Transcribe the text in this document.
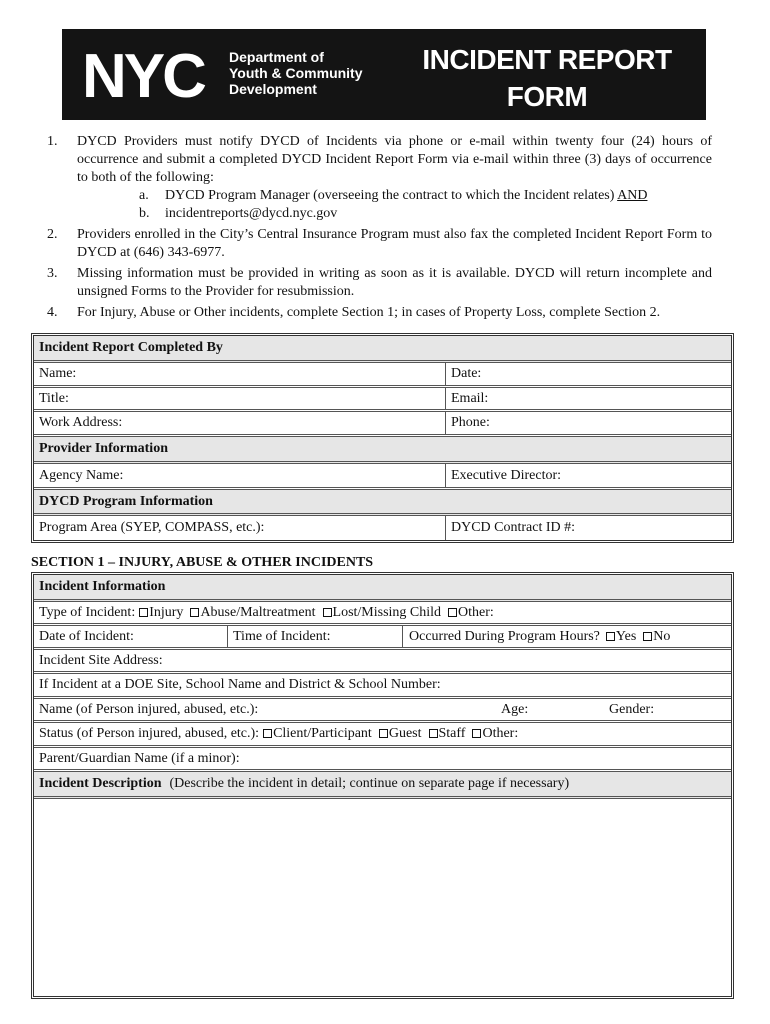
NYC Department of
Youth & Community
Development
INCIDENT REPORT
FORM
1. DYCD Providers must notify DYCD of Incidents via phone or e-mail within twenty four (24) hours of occurrence and submit a completed DYCD Incident Report Form via e-mail within three (3) days of occurrence to both of the following:
a. DYCD Program Manager (overseeing the contract to which the Incident relates) AND
b. incidentreports@dycd.nyc.gov
2. Providers enrolled in the City’s Central Insurance Program must also fax the completed Incident Report Form to DYCD at (646) 343-6977.
3. Missing information must be provided in writing as soon as it is available. DYCD will return incomplete and unsigned Forms to the Provider for resubmission.
4. For Injury, Abuse or Other incidents, complete Section 1; in cases of Property Loss, complete Section 2.
Incident Report Completed By
Name:	Date:
Title:	Email:
Work Address:	Phone:
Provider Information
Agency Name:	Executive Director:
DYCD Program Information
Program Area (SYEP, COMPASS, etc.):	DYCD Contract ID #:
SECTION 1 – INJURY, ABUSE & OTHER INCIDENTS
Incident Information
Type of Incident:	Injury	Abuse/Maltreatment	Lost/Missing Child	Other:
Date of Incident:	Time of Incident:	Occurred During Program Hours?	Yes	No
Incident Site Address:
If Incident at a DOE Site, School Name and District & School Number:
Name (of Person injured, abused, etc.):	Age:	Gender:
Status (of Person injured, abused, etc.):	Client/Participant	Guest	Staff	Other:
Parent/Guardian Name (if a minor):
Incident Description (Describe the incident in detail; continue on separate page if necessary)
